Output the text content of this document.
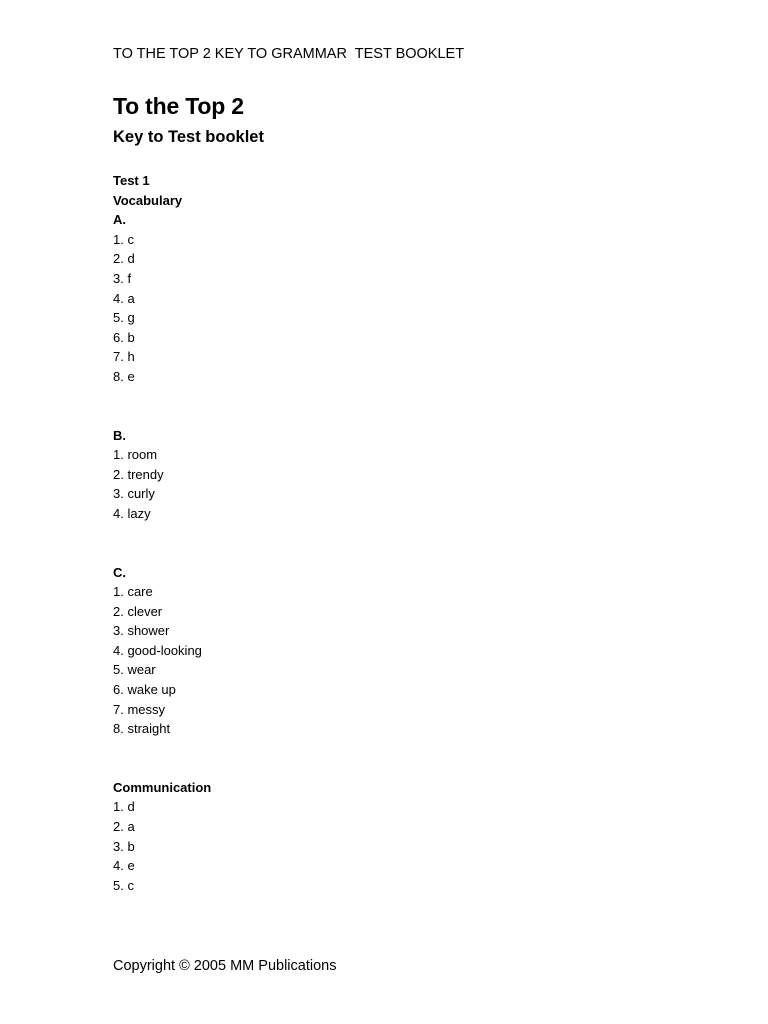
TO THE TOP 2 KEY TO GRAMMAR  TEST BOOKLET
To the Top 2
Key to Test booklet
Test 1
Vocabulary
A.
1. c
2. d
3. f
4. a
5. g
6. b
7. h
8. e
B.
1. room
2. trendy
3. curly
4. lazy
C.
1. care
2. clever
3. shower
4. good-looking
5. wear
6. wake up
7. messy
8. straight
Communication
1. d
2. a
3. b
4. e
5. c
Copyright © 2005 MM Publications
